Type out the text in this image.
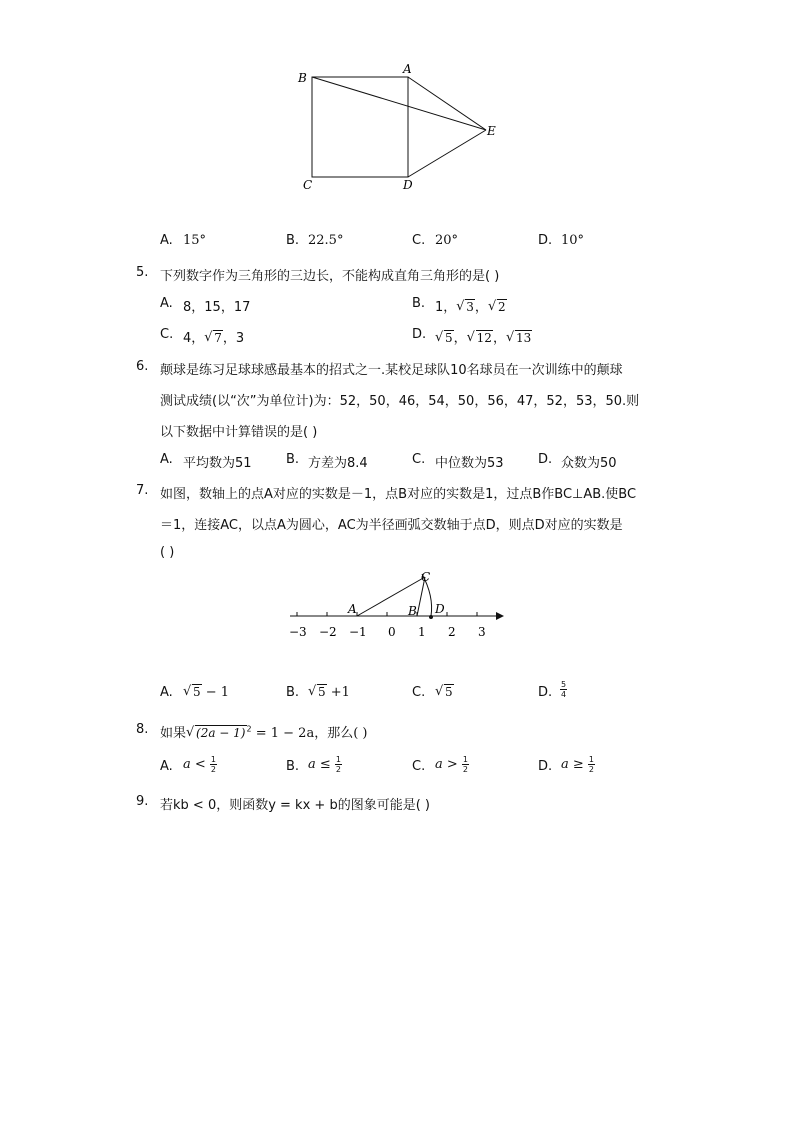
B
A
E
C	D
A. 15°	B. 22.5°	C. 20°	D. 10°
5. 下列数字作为三角形的三边长，不能构成直角三角形的是( )
A. 8，15，17	B. 1， √ 3， √ 2
C. 4， √ 7，3	D.	√ 5， √ 12， √ 13
6. 颠球是练习足球球感最基本的招式之一.某校足球队10名球员在一次训练中的颠球
测试成绩(以“次”为单位计)为：52，50，46，54，50，56，47，52，53，50.则
以下数据中计算错误的是( )
A. 平均数为51	B. 方差为8.4	C. 中位数为53	D. 众数为50
7. 如图，数轴上的点A对应的实数是－1，点B对应的实数是1，过点B作BC⊥AB.使BC
＝1，连接AC，以点A为圆心，AC为半径画弧交数轴于点D，则点D对应的实数是
( )
−3 −2 −1 0 1 2 3
A	B
C
D
A.	√ 5 − 1	B.	√ 5 +1	C.	√ 5	D. $\frac{5}{4}$
8. 如果 √ $(2a - 1)^2 = 1 - 2a$，那么( )
A. $a < \frac{1}{2}$	B. $a \le \frac{1}{2}$	C. $a > \frac{1}{2}$	D. $a \ge \frac{1}{2}$
9. 若kb < 0，则函数y = kx + b的图象可能是( )
